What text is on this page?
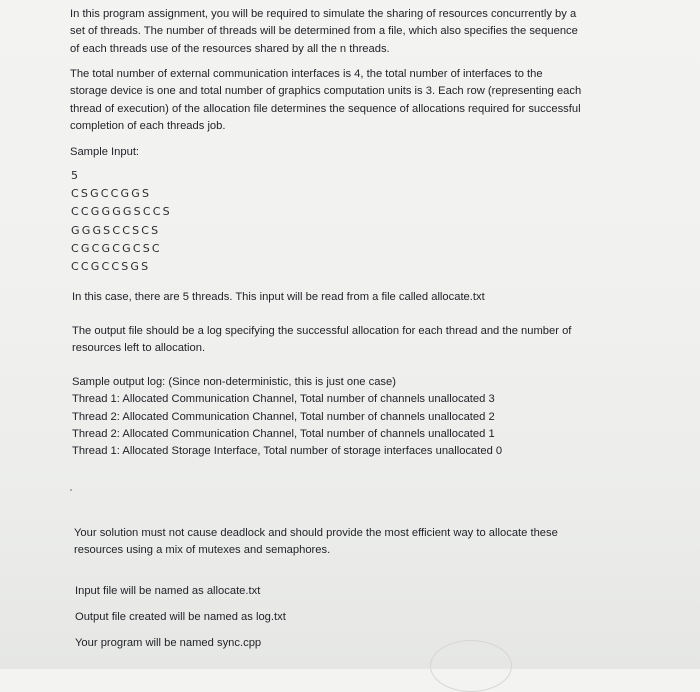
In this program assignment, you will be required to simulate the sharing of resources concurrently by a
set of threads. The number of threads will be determined from a file, which also specifies the sequence
of each threads use of the resources shared by all the n threads.
The total number of external communication interfaces is 4, the total number of interfaces to the
storage device is one and total number of graphics computation units is 3. Each row (representing each
thread of execution) of the allocation file determines the sequence of allocations required for successful
completion of each threads job.
Sample Input:
5
CSGCCGGS
CCGGGGSCCS
GGGSCCSCS
CGCGCGCSC
CCGCCSGS
In this case, there are 5 threads. This input will be read from a file called allocate.txt
The output file should be a log specifying the successful allocation for each thread and the number of
resources left to allocation.
Sample output log: (Since non-deterministic, this is just one case)
Thread 1: Allocated Communication Channel, Total number of channels unallocated 3
Thread 2: Allocated Communication Channel, Total number of channels unallocated 2
Thread 2: Allocated Communication Channel, Total number of channels unallocated 1
Thread 1: Allocated Storage Interface, Total number of storage interfaces unallocated 0
Your solution must not cause deadlock and should provide the most efficient way to allocate these
resources using a mix of mutexes and semaphores.
Input file will be named as allocate.txt
Output file created will be named as log.txt
Your program will be named sync.cpp
